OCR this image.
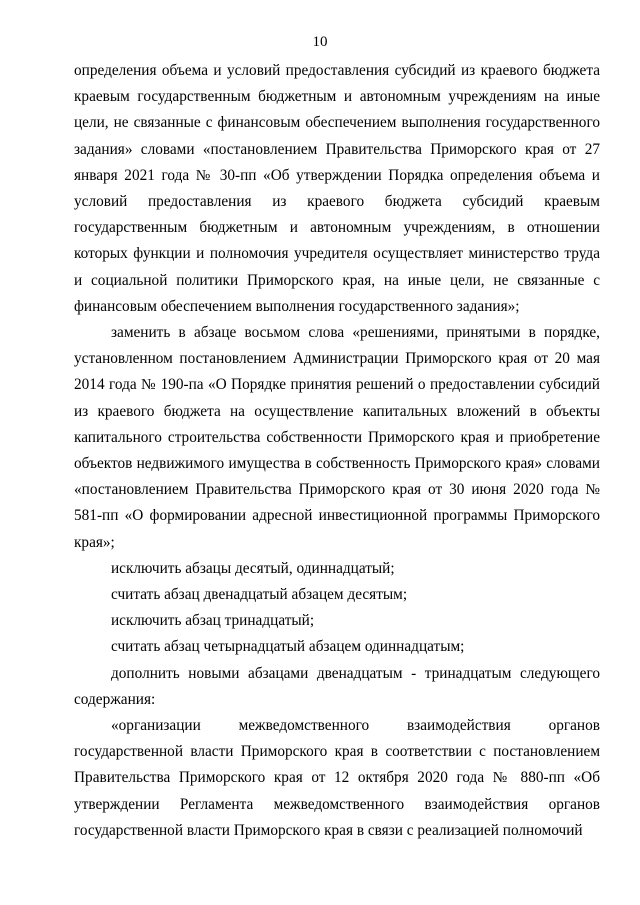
10

определения объема и условий предоставления субсидий из краевого бюджета краевым государственным бюджетным и автономным учреждениям на иные цели, не связанные с финансовым обеспечением выполнения государственного задания» словами «постановлением Правительства Приморского края от 27 января 2021 года № 30-пп «Об утверждении Порядка определения объема и условий предоставления из краевого бюджета субсидий краевым государственным бюджетным и автономным учреждениям, в отношении которых функции и полномочия учредителя осуществляет министерство труда и социальной политики Приморского края, на иные цели, не связанные с финансовым обеспечением выполнения государственного задания»;

заменить в абзаце восьмом слова «решениями, принятыми в порядке, установленном постановлением Администрации Приморского края от 20 мая 2014 года № 190-па «О Порядке принятия решений о предоставлении субсидий из краевого бюджета на осуществление капитальных вложений в объекты капитального строительства собственности Приморского края и приобретение объектов недвижимого имущества в собственность Приморского края» словами «постановлением Правительства Приморского края от 30 июня 2020 года № 581-пп «О формировании адресной инвестиционной программы Приморского края»;

исключить абзацы десятый, одиннадцатый;

считать абзац двенадцатый абзацем десятым;

исключить абзац тринадцатый;

считать абзац четырнадцатый абзацем одиннадцатым;

дополнить новыми абзацами двенадцатым - тринадцатым следующего содержания:

«организации межведомственного взаимодействия органов государственной власти Приморского края в соответствии с постановлением Правительства Приморского края от 12 октября 2020 года № 880-пп «Об утверждении Регламента межведомственного взаимодействия органов государственной власти Приморского края в связи с реализацией полномочий
